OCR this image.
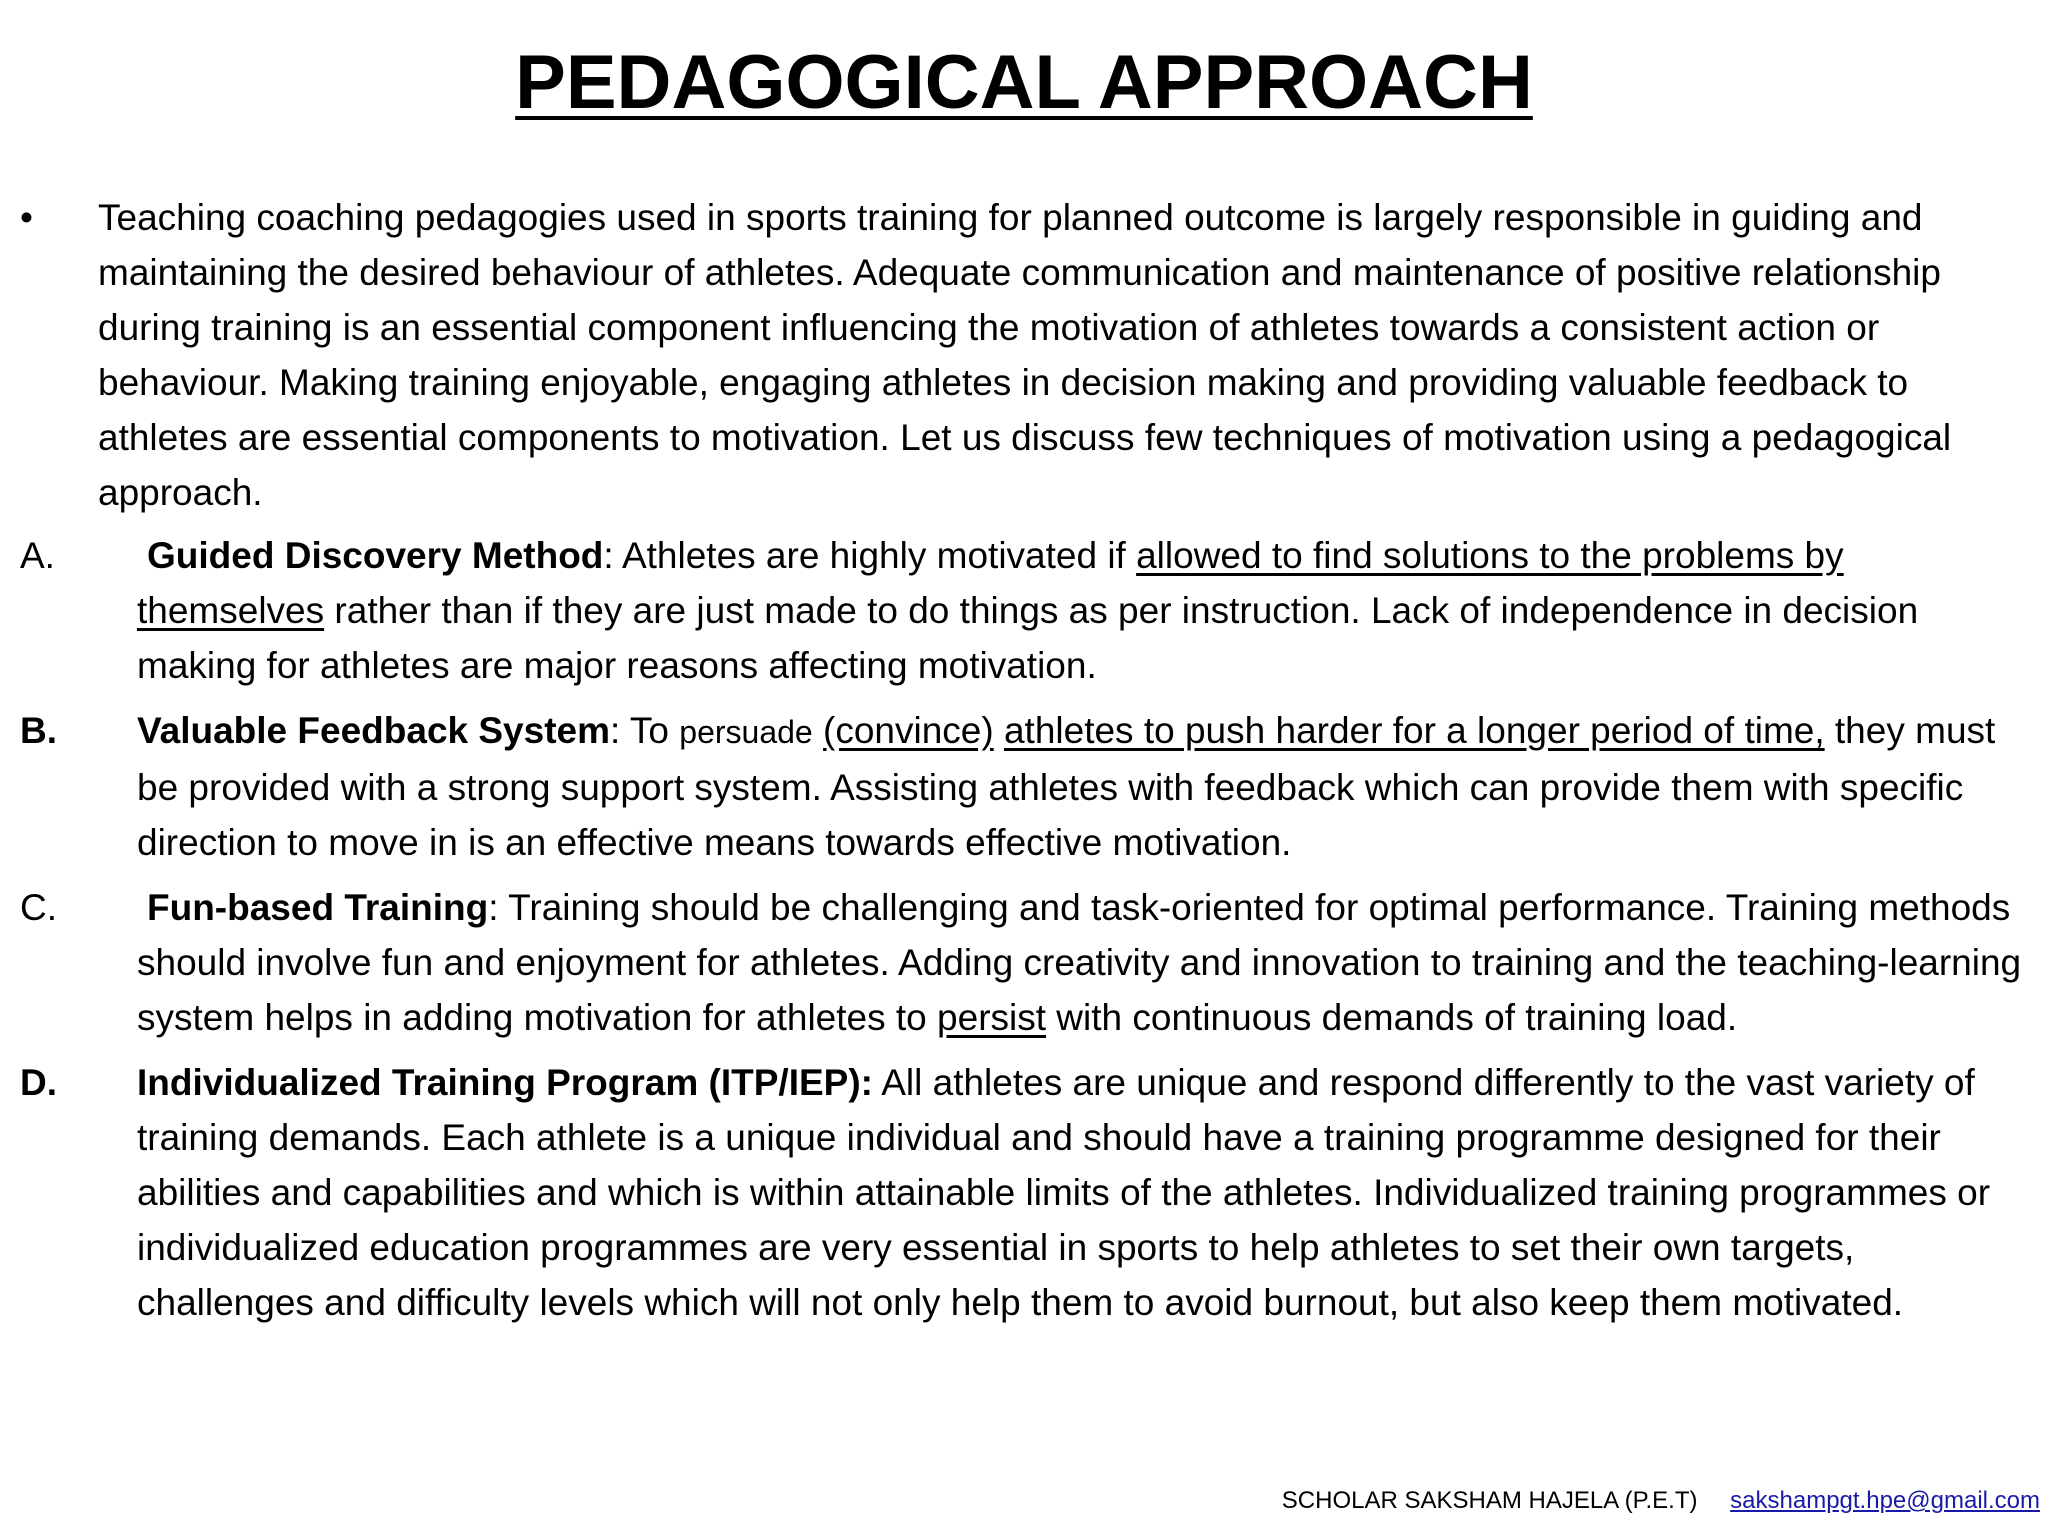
PEDAGOGICAL APPROACH
• Teaching coaching pedagogies used in sports training for planned outcome is largely responsible in guiding and maintaining the desired behaviour of athletes. Adequate communication and maintenance of positive relationship during training is an essential component influencing the motivation of athletes towards a consistent action or behaviour. Making training enjoyable, engaging athletes in decision making and providing valuable feedback to athletes are essential components to motivation. Let us discuss few techniques of motivation using a pedagogical approach.
A. Guided Discovery Method: Athletes are highly motivated if allowed to find solutions to the problems by themselves rather than if they are just made to do things as per instruction. Lack of independence in decision making for athletes are major reasons affecting motivation.
B. Valuable Feedback System: To persuade (convince) athletes to push harder for a longer period of time, they must be provided with a strong support system. Assisting athletes with feedback which can provide them with specific direction to move in is an effective means towards effective motivation.
C. Fun-based Training: Training should be challenging and task-oriented for optimal performance. Training methods should involve fun and enjoyment for athletes. Adding creativity and innovation to training and the teaching-learning system helps in adding motivation for athletes to persist with continuous demands of training load.
D. Individualized Training Program (ITP/IEP): All athletes are unique and respond differently to the vast variety of training demands. Each athlete is a unique individual and should have a training programme designed for their abilities and capabilities and which is within attainable limits of the athletes. Individualized training programmes or individualized education programmes are very essential in sports to help athletes to set their own targets, challenges and difficulty levels which will not only help them to avoid burnout, but also keep them motivated.
SCHOLAR SAKSHAM HAJELA (P.E.T) sakshampgt.hpe@gmail.com
